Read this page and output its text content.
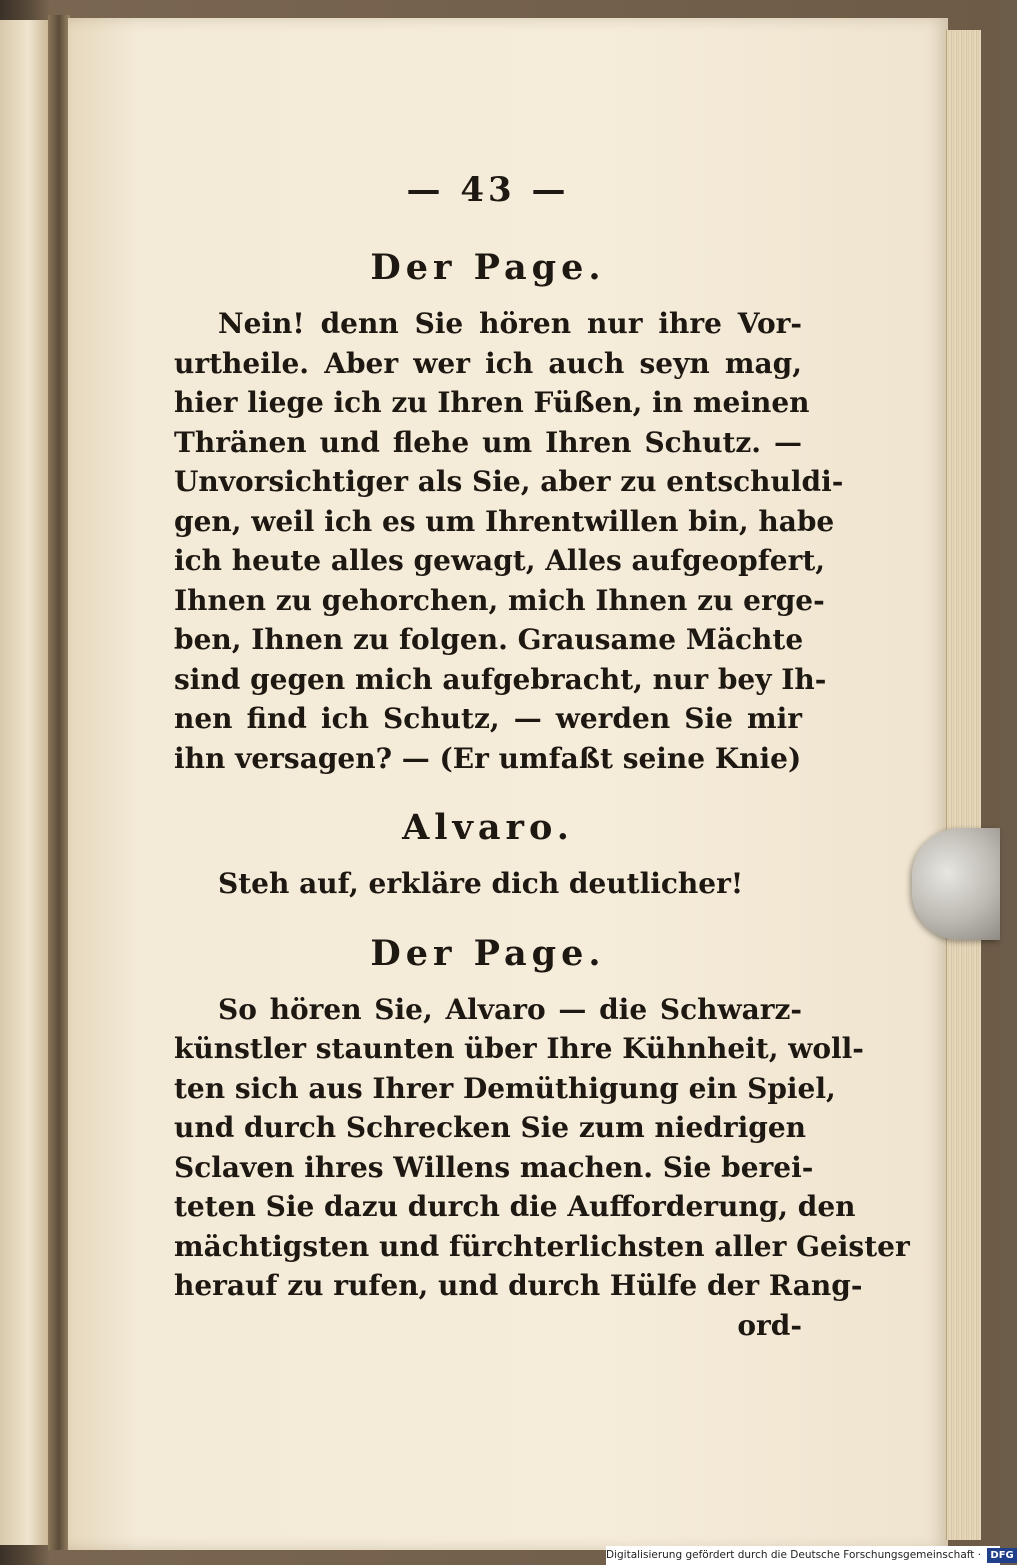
— 43 —
Der Page.
Nein! denn Sie hören nur ihre Vor-
urtheile. Aber wer ich auch seyn mag,
hier liege ich zu Ihren Füßen, in meinen
Thränen und flehe um Ihren Schutz. —
Unvorsichtiger als Sie, aber zu entschuldi-
gen, weil ich es um Ihrentwillen bin, habe
ich heute alles gewagt, Alles aufgeopfert,
Ihnen zu gehorchen, mich Ihnen zu erge-
ben, Ihnen zu folgen. Grausame Mächte
sind gegen mich aufgebracht, nur bey Ih-
nen find ich Schutz, — werden Sie mir
ihn versagen? — (Er umfaßt seine Knie)
Alvaro.
Steh auf, erkläre dich deutlicher!
Der Page.
So hören Sie, Alvaro — die Schwarz-
künstler staunten über Ihre Kühnheit, woll-
ten sich aus Ihrer Demüthigung ein Spiel,
und durch Schrecken Sie zum niedrigen
Sclaven ihres Willens machen. Sie berei-
teten Sie dazu durch die Aufforderung, den
mächtigsten und fürchterlichsten aller Geister
herauf zu rufen, und durch Hülfe der Rang-
ord-
Digitalisierung gefördert durch die Deutsche Forschungsgemeinschaft · DFG
